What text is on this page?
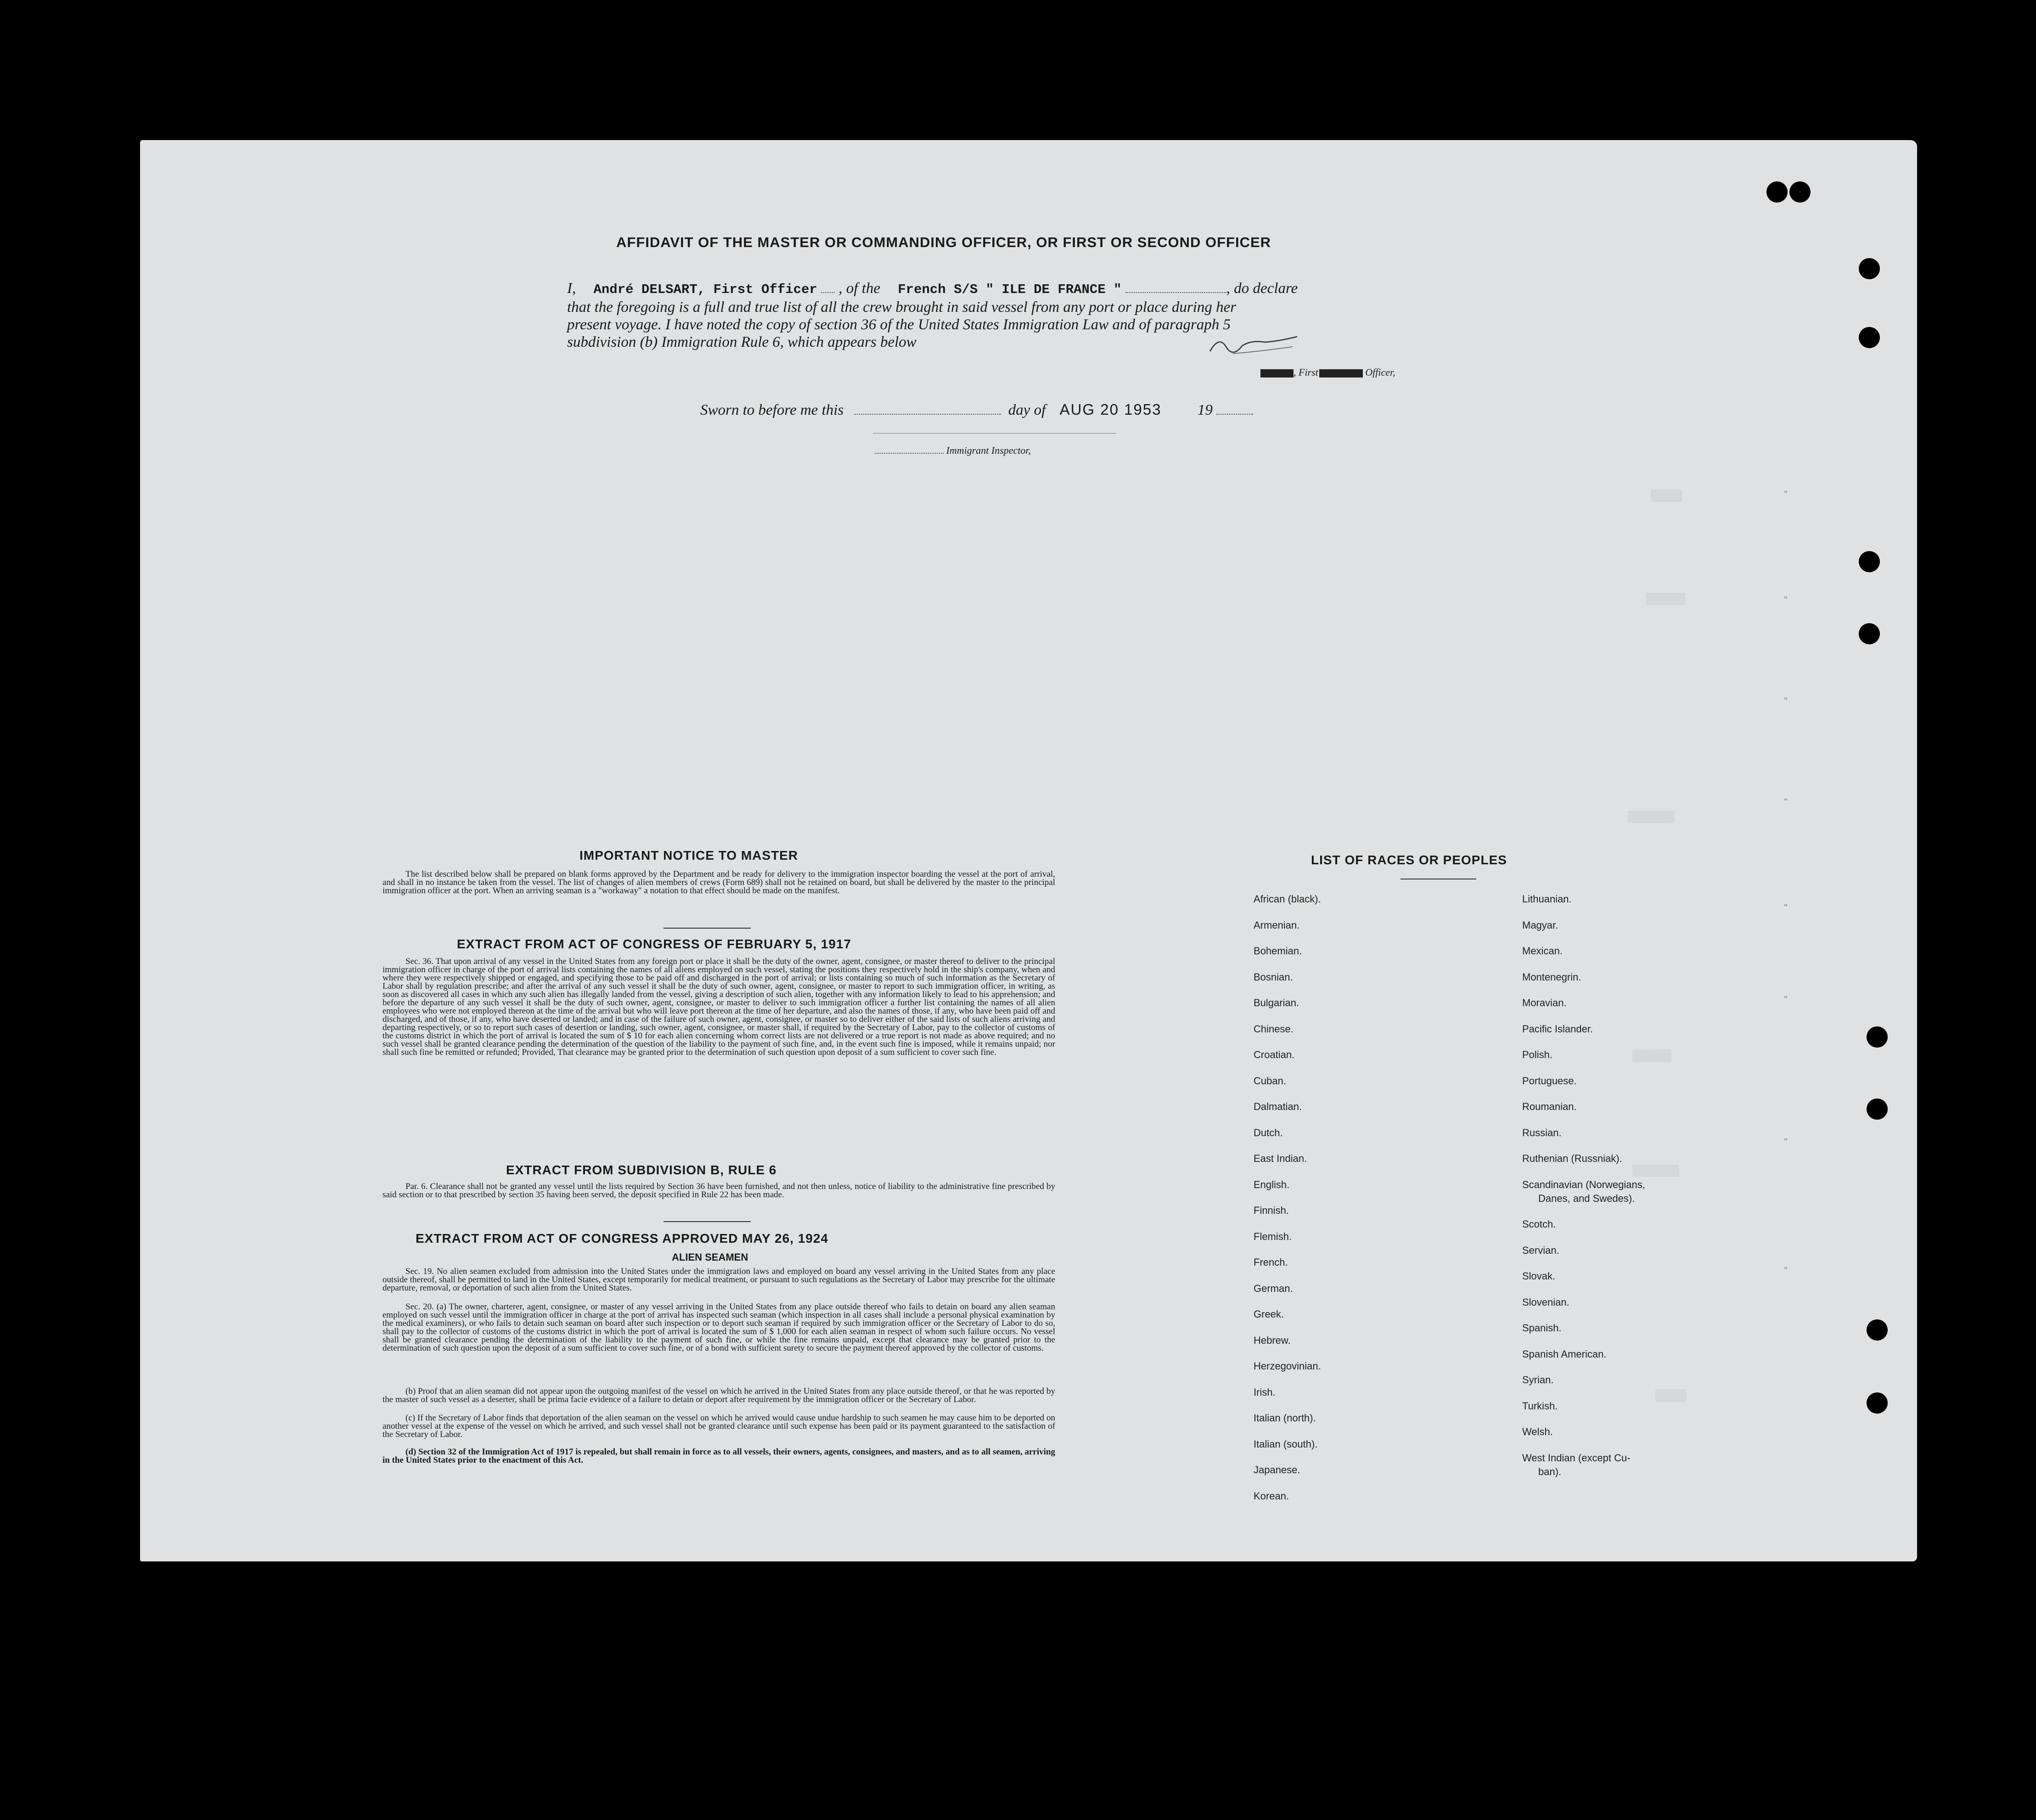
▒▒▒▒
▒▒▒▒▒
▒▒▒▒▒▒
▒▒▒▒▒
▒▒▒▒▒▒
▒▒▒▒
"
"
"
"
"
"
"
"
AFFIDAVIT OF THE MASTER OR COMMANDING OFFICER, OR FIRST OR SECOND OFFICER
I, André DELSART, First Officer , of the French S/S " ILE DE FRANCE "	, do declare
that the foregoing is a full and true list of all the crew brought in said vessel from any port or place during her
present voyage. I have noted the copy of section 36 of the United States Immigration Law and of paragraph 5
subdivision (b) Immigration Rule 6, which appears below
, First	Officer,
Sworn to before me this	day of AUG 20 1953 19
Immigrant Inspector,
IMPORTANT NOTICE TO MASTER
The list described below shall be prepared on blank forms approved by the Department and be ready for delivery to the immigration inspector boarding the vessel at the port of arrival, and shall in no instance be taken from the vessel. The list of changes of alien members of crews (Form 689) shall not be retained on board, but shall be delivered by the master to the principal immigration officer at the port. When an arriving seaman is a "workaway" a notation to that effect should be made on the manifest.
EXTRACT FROM ACT OF CONGRESS OF FEBRUARY 5, 1917
Sec. 36. That upon arrival of any vessel in the United States from any foreign port or place it shall be the duty of the owner, agent, consignee, or master thereof to deliver to the principal immigration officer in charge of the port of arrival lists containing the names of all aliens employed on such vessel, stating the positions they respectively hold in the ship's company, when and where they were respectively shipped or engaged, and specifying those to be paid off and discharged in the port of arrival; or lists containing so much of such information as the Secretary of Labor shall by regulation prescribe; and after the arrival of any such vessel it shall be the duty of such owner, agent, consignee, or master to report to such immigration officer, in writing, as soon as discovered all cases in which any such alien has illegally landed from the vessel, giving a description of such alien, together with any information likely to lead to his apprehension; and before the departure of any such vessel it shall be the duty of such owner, agent, consignee, or master to deliver to such immigration officer a further list containing the names of all alien employees who were not employed thereon at the time of the arrival but who will leave port thereon at the time of her departure, and also the names of those, if any, who have been paid off and discharged, and of those, if any, who have deserted or landed; and in case of the failure of such owner, agent, consignee, or master so to deliver either of the said lists of such aliens arriving and departing respectively, or so to report such cases of desertion or landing, such owner, agent, consignee, or master shall, if required by the Secretary of Labor, pay to the collector of customs of the customs district in which the port of arrival is located the sum of $ 10 for each alien concerning whom correct lists are not delivered or a true report is not made as above required; and no such vessel shall be granted clearance pending the determination of the question of the liability to the payment of such fine, and, in the event such fine is imposed, while it remains unpaid; nor shall such fine be remitted or refunded; Provided, That clearance may be granted prior to the determination of such question upon deposit of a sum sufficient to cover such fine.
EXTRACT FROM SUBDIVISION B, RULE 6
Par. 6. Clearance shall not be granted any vessel until the lists required by Section 36 have been furnished, and not then unless, notice of liability to the administrative fine prescribed by said section or to that prescribed by section 35 having been served, the deposit specified in Rule 22 has been made.
EXTRACT FROM ACT OF CONGRESS APPROVED MAY 26, 1924
ALIEN SEAMEN
Sec. 19. No alien seamen excluded from admission into the United States under the immigration laws and employed on board any vessel arriving in the United States from any place outside thereof, shall be permitted to land in the United States, except temporarily for medical treatment, or pursuant to such regulations as the Secretary of Labor may prescribe for the ultimate departure, removal, or deportation of such alien from the United States.
Sec. 20. (a) The owner, charterer, agent, consignee, or master of any vessel arriving in the United States from any place outside thereof who fails to detain on board any alien seaman employed on such vessel until the immigration officer in charge at the port of arrival has inspected such seaman (which inspection in all cases shall include a personal physical examination by the medical examiners), or who fails to detain such seaman on board after such inspection or to deport such seaman if required by such immigration officer or the Secretary of Labor to do so, shall pay to the collector of customs of the customs district in which the port of arrival is located the sum of $ 1,000 for each alien seaman in respect of whom such failure occurs. No vessel shall be granted clearance pending the determination of the liability to the payment of such fine, or while the fine remains unpaid, except that clearance may be granted prior to the determination of such question upon the deposit of a sum sufficient to cover such fine, or of a bond with sufficient surety to secure the payment thereof approved by the collector of customs.
(b) Proof that an alien seaman did not appear upon the outgoing manifest of the vessel on which he arrived in the United States from any place outside thereof, or that he was reported by the master of such vessel as a deserter, shall be prima facie evidence of a failure to detain or deport after requirement by the immigration officer or the Secretary of Labor.
(c) If the Secretary of Labor finds that deportation of the alien seaman on the vessel on which he arrived would cause undue hardship to such seamen he may cause him to be deported on another vessel at the expense of the vessel on which he arrived, and such vessel shall not be granted clearance until such expense has been paid or its payment guaranteed to the satisfaction of the Secretary of Labor.
(d) Section 32 of the Immigration Act of 1917 is repealed, but shall remain in force as to all vessels, their owners, agents, consignees, and masters, and as to all seamen, arriving in the United States prior to the enactment of this Act.
LIST OF RACES OR PEOPLES
African (black).
Armenian.
Bohemian.
Bosnian.
Bulgarian.
Chinese.
Croatian.
Cuban.
Dalmatian.
Dutch.
East Indian.
English.
Finnish.
Flemish.
French.
German.
Greek.
Hebrew.
Herzegovinian.
Irish.
Italian (north).
Italian (south).
Japanese.
Korean.
Lithuanian.
Magyar.
Mexican.
Montenegrin.
Moravian.
Pacific Islander.
Polish.
Portuguese.
Roumanian.
Russian.
Ruthenian (Russniak).
Scandinavian (Norwegians,
Danes, and Swedes).
Scotch.
Servian.
Slovak.
Slovenian.
Spanish.
Spanish American.
Syrian.
Turkish.
Welsh.
West Indian (except Cu-
ban).
